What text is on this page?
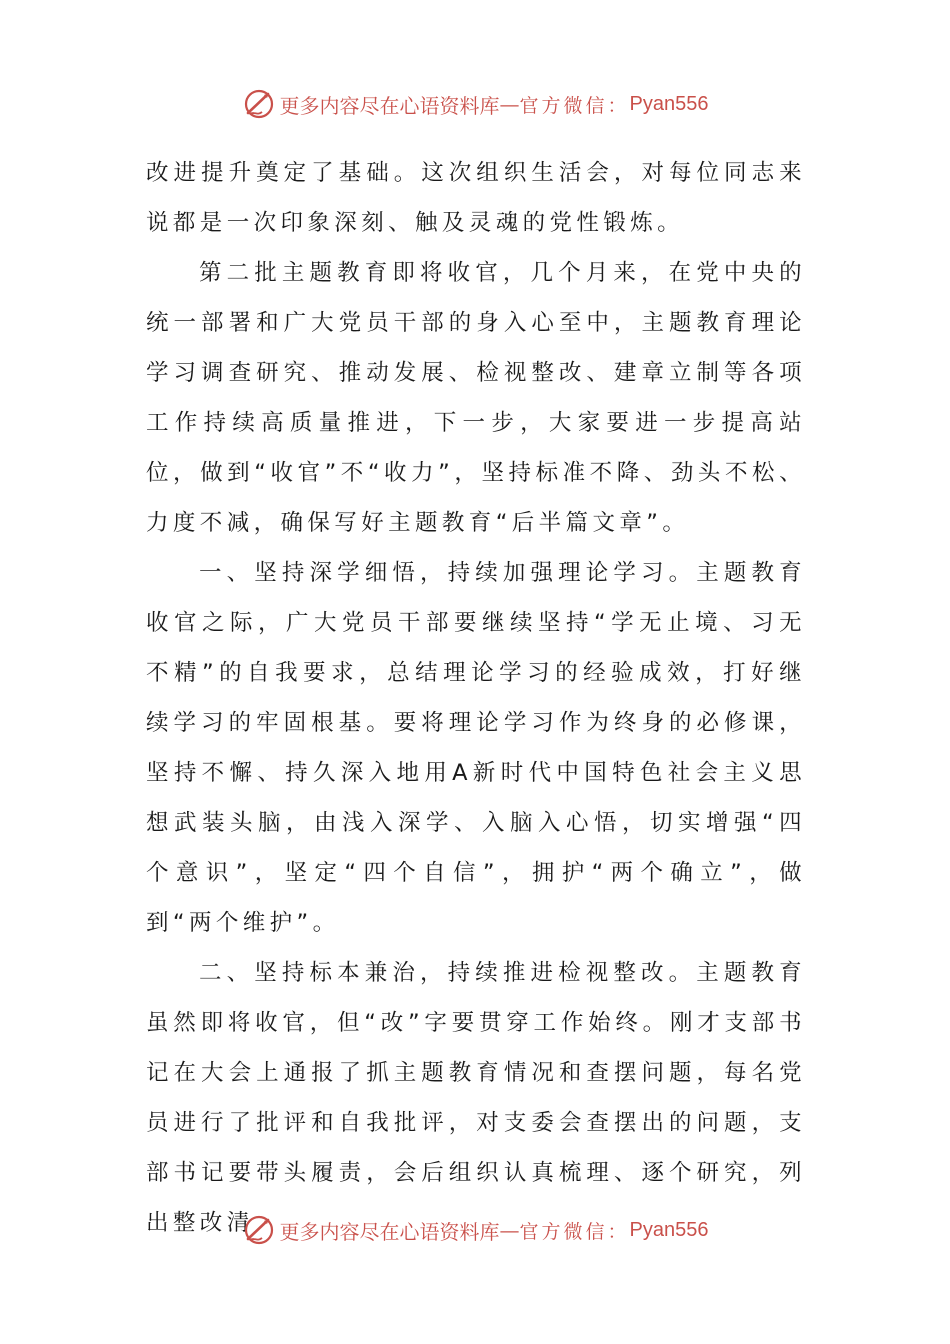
更多内容尽在心语资料库 — 官方微信： Pyan556

改进提升奠定了基础。这次组织生活会，对每位同志来说都是一次印象深刻、触及灵魂的党性锻炼。

第二批主题教育即将收官，几个月来，在党中央的统一部署和广大党员干部的身入心至中，主题教育理论学习调查研究、推动发展、检视整改、建章立制等各项工作持续高质量推进，下一步，大家要进一步提高站位，做到“收官”不“收力”，坚持标准不降、劲头不松、力度不减，确保写好主题教育“后半篇文章”。

一、坚持深学细悟，持续加强理论学习。主题教育收官之际，广大党员干部要继续坚持“学无止境、习无不精”的自我要求，总结理论学习的经验成效，打好继续学习的牢固根基。要将理论学习作为终身的必修课，坚持不懈、持久深入地用A新时代中国特色社会主义思想武装头脑，由浅入深学、入脑入心悟，切实增强“四个意识”，坚定“四个自信”，拥护“两个确立”，做到“两个维护”。

二、坚持标本兼治，持续推进检视整改。主题教育虽然即将收官，但“改”字要贯穿工作始终。刚才支部书记在大会上通报了抓主题教育情况和查摆问题，每名党员进行了批评和自我批评，对支委会查摆出的问题，支部书记要带头履责，会后组织认真梳理、逐个研究，列出整改清	更多内容尽在心语资料库 — 官方微信： Pyan556
